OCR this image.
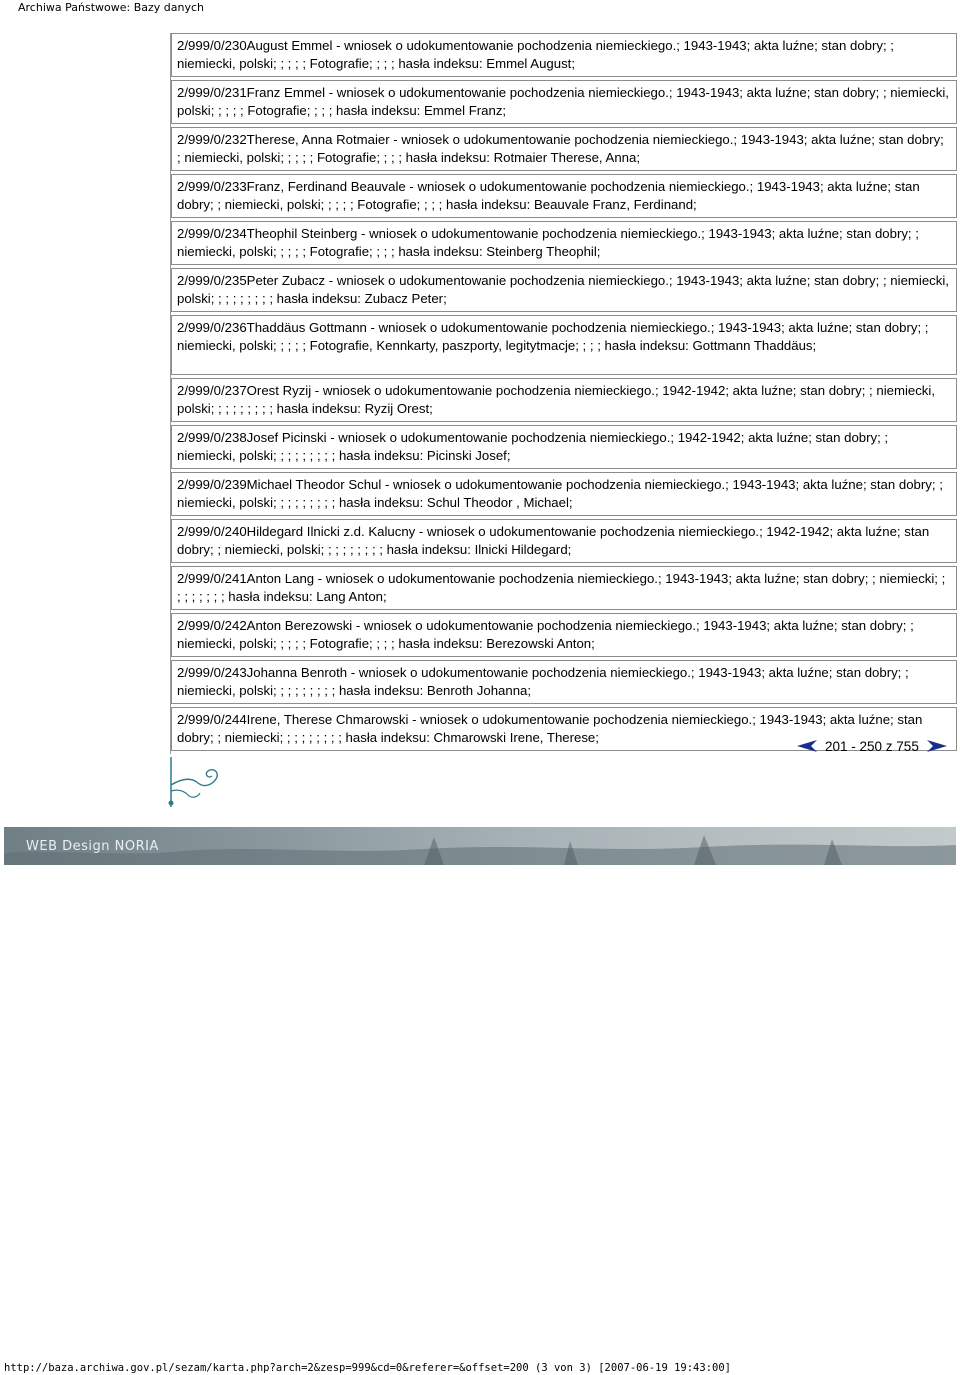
Archiwa Państwowe: Bazy danych
2/999/0/230August Emmel - wniosek o udokumentowanie pochodzenia niemieckiego.; 1943-1943; akta luźne; stan dobry; ; niemiecki, polski; ; ; ; ; Fotografie; ; ; ; hasła indeksu: Emmel August;
2/999/0/231Franz Emmel - wniosek o udokumentowanie pochodzenia niemieckiego.; 1943-1943; akta luźne; stan dobry; ; niemiecki, polski; ; ; ; ; Fotografie; ; ; ; hasła indeksu: Emmel Franz;
2/999/0/232Therese, Anna Rotmaier - wniosek o udokumentowanie pochodzenia niemieckiego.; 1943-1943; akta luźne; stan dobry; ; niemiecki, polski; ; ; ; ; Fotografie; ; ; ; hasła indeksu: Rotmaier Therese, Anna;
2/999/0/233Franz, Ferdinand Beauvale - wniosek o udokumentowanie pochodzenia niemieckiego.; 1943-1943; akta luźne; stan dobry; ; niemiecki, polski; ; ; ; ; Fotografie; ; ; ; hasła indeksu: Beauvale Franz, Ferdinand;
2/999/0/234Theophil Steinberg - wniosek o udokumentowanie pochodzenia niemieckiego.; 1943-1943; akta luźne; stan dobry; ; niemiecki, polski; ; ; ; ; Fotografie; ; ; ; hasła indeksu: Steinberg Theophil;
2/999/0/235Peter Zubacz - wniosek o udokumentowanie pochodzenia niemieckiego.; 1943-1943; akta luźne; stan dobry; ; niemiecki, polski; ; ; ; ; ; ; ; ; hasła indeksu: Zubacz Peter;
2/999/0/236Thaddäus Gottmann - wniosek o udokumentowanie pochodzenia niemieckiego.; 1943-1943; akta luźne; stan dobry; ; niemiecki, polski; ; ; ; ; Fotografie, Kennkarty, paszporty, legitytmacje; ; ; ; hasła indeksu: Gottmann Thaddäus;
2/999/0/237Orest Ryzij - wniosek o udokumentowanie pochodzenia niemieckiego.; 1942-1942; akta luźne; stan dobry; ; niemiecki, polski; ; ; ; ; ; ; ; ; hasła indeksu: Ryzij Orest;
2/999/0/238Josef Picinski - wniosek o udokumentowanie pochodzenia niemieckiego.; 1942-1942; akta luźne; stan dobry; ; niemiecki, polski; ; ; ; ; ; ; ; ; hasła indeksu: Picinski Josef;
2/999/0/239Michael Theodor Schul - wniosek o udokumentowanie pochodzenia niemieckiego.; 1943-1943; akta luźne; stan dobry; ; niemiecki, polski; ; ; ; ; ; ; ; ; hasła indeksu: Schul Theodor , Michael;
2/999/0/240Hildegard Ilnicki z.d. Kalucny - wniosek o udokumentowanie pochodzenia niemieckiego.; 1942-1942; akta luźne; stan dobry; ; niemiecki, polski; ; ; ; ; ; ; ; ; hasła indeksu: Ilnicki Hildegard;
2/999/0/241Anton Lang - wniosek o udokumentowanie pochodzenia niemieckiego.; 1943-1943; akta luźne; stan dobry; ; niemiecki; ; ; ; ; ; ; ; ; hasła indeksu: Lang Anton;
2/999/0/242Anton Berezowski - wniosek o udokumentowanie pochodzenia niemieckiego.; 1943-1943; akta luźne; stan dobry; ; niemiecki, polski; ; ; ; ; Fotografie; ; ; ; hasła indeksu: Berezowski Anton;
2/999/0/243Johanna Benroth - wniosek o udokumentowanie pochodzenia niemieckiego.; 1943-1943; akta luźne; stan dobry; ; niemiecki, polski; ; ; ; ; ; ; ; ; hasła indeksu: Benroth Johanna;
2/999/0/244Irene, Therese Chmarowski - wniosek o udokumentowanie pochodzenia niemieckiego.; 1943-1943; akta luźne; stan dobry; ; niemiecki; ; ; ; ; ; ; ; ; hasła indeksu: Chmarowski Irene, Therese;
201 - 250 z 755
WEB Design NORIA
http://baza.archiwa.gov.pl/sezam/karta.php?arch=2&zesp=999&cd=0&referer=&offset=200 (3 von 3) [2007-06-19 19:43:00]
